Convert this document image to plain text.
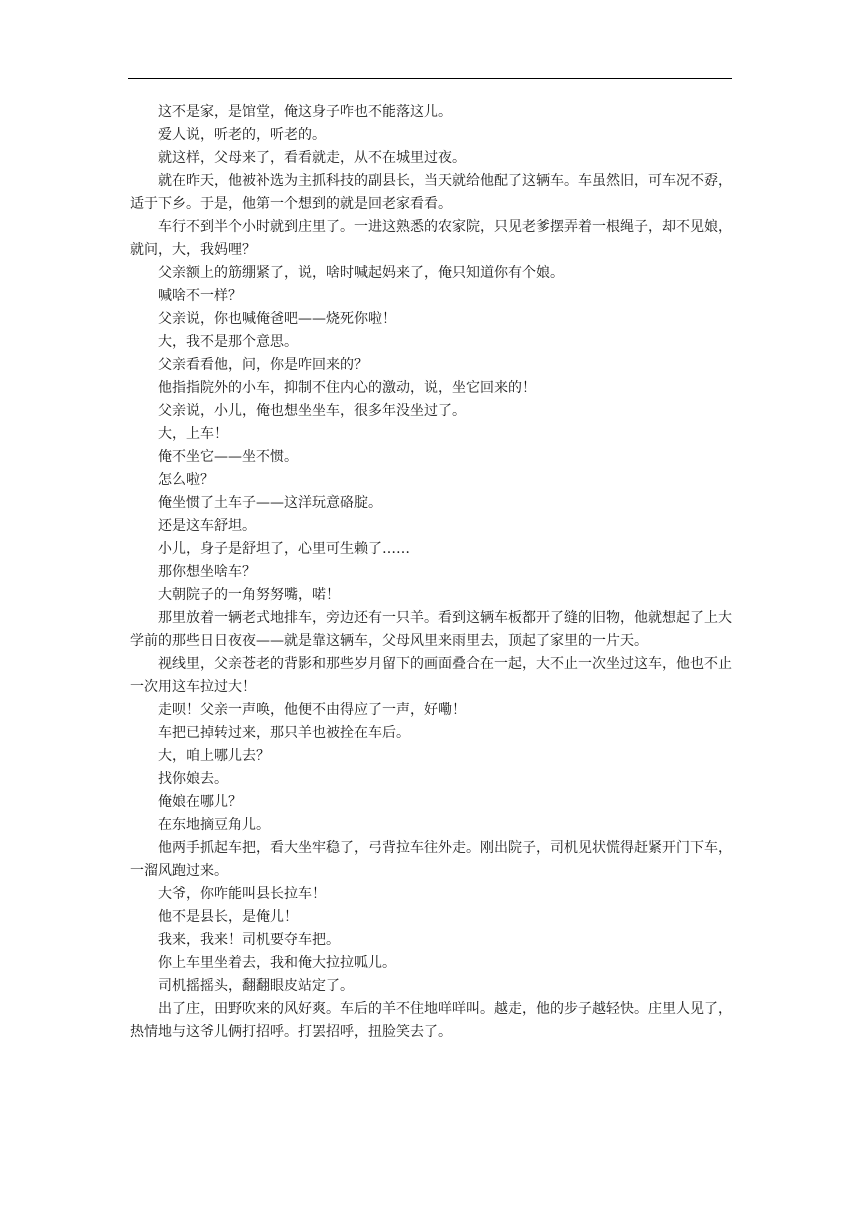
这不是家，是馆堂，俺这身子咋也不能落这儿。

爱人说，听老的，听老的。

就这样，父母来了，看看就走，从不在城里过夜。

就在昨天，他被补选为主抓科技的副县长，当天就给他配了这辆车。车虽然旧，可车况不孬，适于下乡。于是，他第一个想到的就是回老家看看。

车行不到半个小时就到庄里了。一进这熟悉的农家院，只见老爹摆弄着一根绳子，却不见娘，就问，大，我妈哩？

父亲额上的筋绷紧了，说，啥时喊起妈来了，俺只知道你有个娘。

喊啥不一样？

父亲说，你也喊俺爸吧——烧死你啦！

大，我不是那个意思。

父亲看看他，问，你是咋回来的？

他指指院外的小车，抑制不住内心的激动，说，坐它回来的！

父亲说，小儿，俺也想坐坐车，很多年没坐过了。

大，上车！

俺不坐它——坐不惯。

怎么啦？

俺坐惯了土车子——这洋玩意硌腚。

还是这车舒坦。

小儿，身子是舒坦了，心里可生赖了……

那你想坐啥车？

大朝院子的一角努努嘴，喏！

那里放着一辆老式地排车，旁边还有一只羊。看到这辆车板都开了缝的旧物，他就想起了上大学前的那些日日夜夜——就是靠这辆车，父母风里来雨里去，顶起了家里的一片天。

视线里，父亲苍老的背影和那些岁月留下的画面叠合在一起，大不止一次坐过这车，他也不止一次用这车拉过大！

走呗！父亲一声唤，他便不由得应了一声，好嘞！

车把已掉转过来，那只羊也被拴在车后。

大，咱上哪儿去？

找你娘去。

俺娘在哪儿？

在东地摘豆角儿。

他两手抓起车把，看大坐牢稳了，弓背拉车往外走。刚出院子，司机见状慌得赶紧开门下车，一溜风跑过来。

大爷，你咋能叫县长拉车！

他不是县长，是俺儿！

我来，我来！司机要夺车把。

你上车里坐着去，我和俺大拉拉呱儿。

司机摇摇头，翻翻眼皮站定了。

出了庄，田野吹来的风好爽。车后的羊不住地咩咩叫。越走，他的步子越轻快。庄里人见了，热情地与这爷儿俩打招呼。打罢招呼，扭脸笑去了。
